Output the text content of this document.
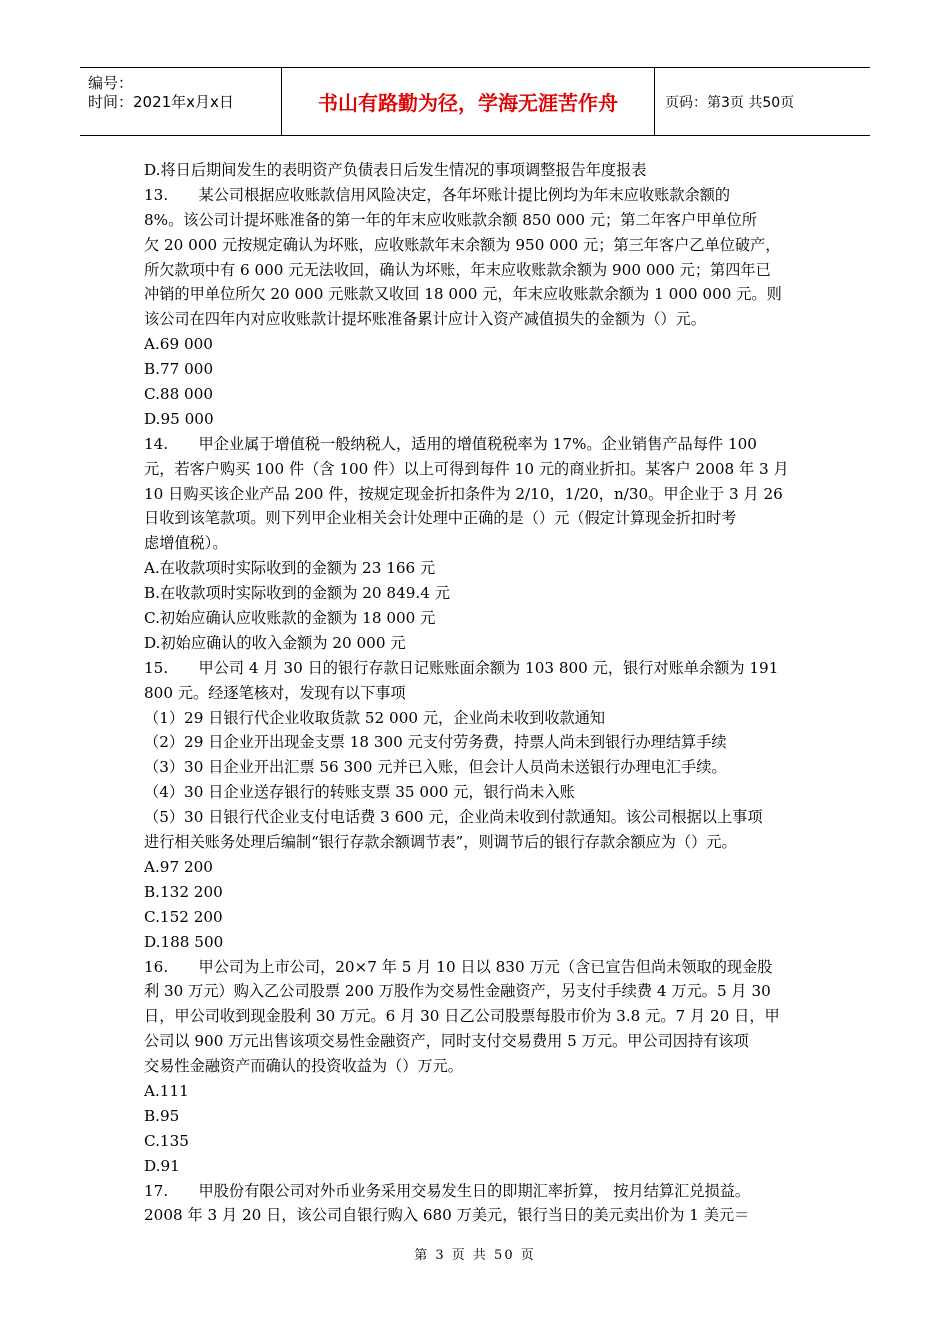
编号：
时间：2021年x月x日	书山有路勤为径，学海无涯苦作舟	页码：第3页 共50页
D.将日后期间发生的表明资产负债表日后发生情况的事项调整报告年度报表
13.　　某公司根据应收账款信用风险决定，各年坏账计提比例均为年末应收账款余额的
8%。该公司计提坏账准备的第一年的年末应收账款余额 850 000 元；第二年客户甲单位所
欠 20 000 元按规定确认为坏账，应收账款年末余额为 950 000 元；第三年客户乙单位破产，
所欠款项中有 6 000 元无法收回，确认为坏账，年末应收账款余额为 900 000 元；第四年已
冲销的甲单位所欠 20 000 元账款又收回 18 000 元，年末应收账款余额为 1 000 000 元。则
该公司在四年内对应收账款计提坏账准备累计应计入资产减值损失的金额为（）元。
A.69 000
B.77 000
C.88 000
D.95 000
14.　　甲企业属于增值税一般纳税人，适用的增值税税率为 17%。企业销售产品每件 100
元，若客户购买 100 件（含 100 件）以上可得到每件 10 元的商业折扣。某客户 2008 年 3 月
10 日购买该企业产品 200 件，按规定现金折扣条件为 2/10，1/20，n/30。甲企业于 3 月 26
日收到该笔款项。则下列甲企业相关会计处理中正确的是（）元（假定计算现金折扣时考
虑增值税）。
A.在收款项时实际收到的金额为 23 166 元
B.在收款项时实际收到的金额为 20 849.4 元
C.初始应确认应收账款的金额为 18 000 元
D.初始应确认的收入金额为 20 000 元
15.　　甲公司 4 月 30 日的银行存款日记账账面余额为 103 800 元，银行对账单余额为 191
800 元。经逐笔核对，发现有以下事项
（1）29 日银行代企业收取货款 52 000 元，企业尚未收到收款通知
（2）29 日企业开出现金支票 18 300 元支付劳务费，持票人尚未到银行办理结算手续
（3）30 日企业开出汇票 56 300 元并已入账，但会计人员尚未送银行办理电汇手续。
（4）30 日企业送存银行的转账支票 35 000 元，银行尚未入账
（5）30 日银行代企业支付电话费 3 600 元，企业尚未收到付款通知。该公司根据以上事项
进行相关账务处理后编制“银行存款余额调节表”，则调节后的银行存款余额应为（）元。
A.97 200
B.132 200
C.152 200
D.188 500
16.　　甲公司为上市公司，20×7 年 5 月 10 日以 830 万元（含已宣告但尚未领取的现金股
利 30 万元）购入乙公司股票 200 万股作为交易性金融资产，另支付手续费 4 万元。5 月 30
日，甲公司收到现金股利 30 万元。6 月 30 日乙公司股票每股市价为 3.8 元。7 月 20 日，甲
公司以 900 万元出售该项交易性金融资产，同时支付交易费用 5 万元。甲公司因持有该项
交易性金融资产而确认的投资收益为（）万元。
A.111
B.95
C.135
D.91
17.　　甲股份有限公司对外币业务采用交易发生日的即期汇率折算， 按月结算汇兑损益。
2008 年 3 月 20 日，该公司自银行购入 680 万美元，银行当日的美元卖出价为 1 美元＝
第 3 页 共 50 页
